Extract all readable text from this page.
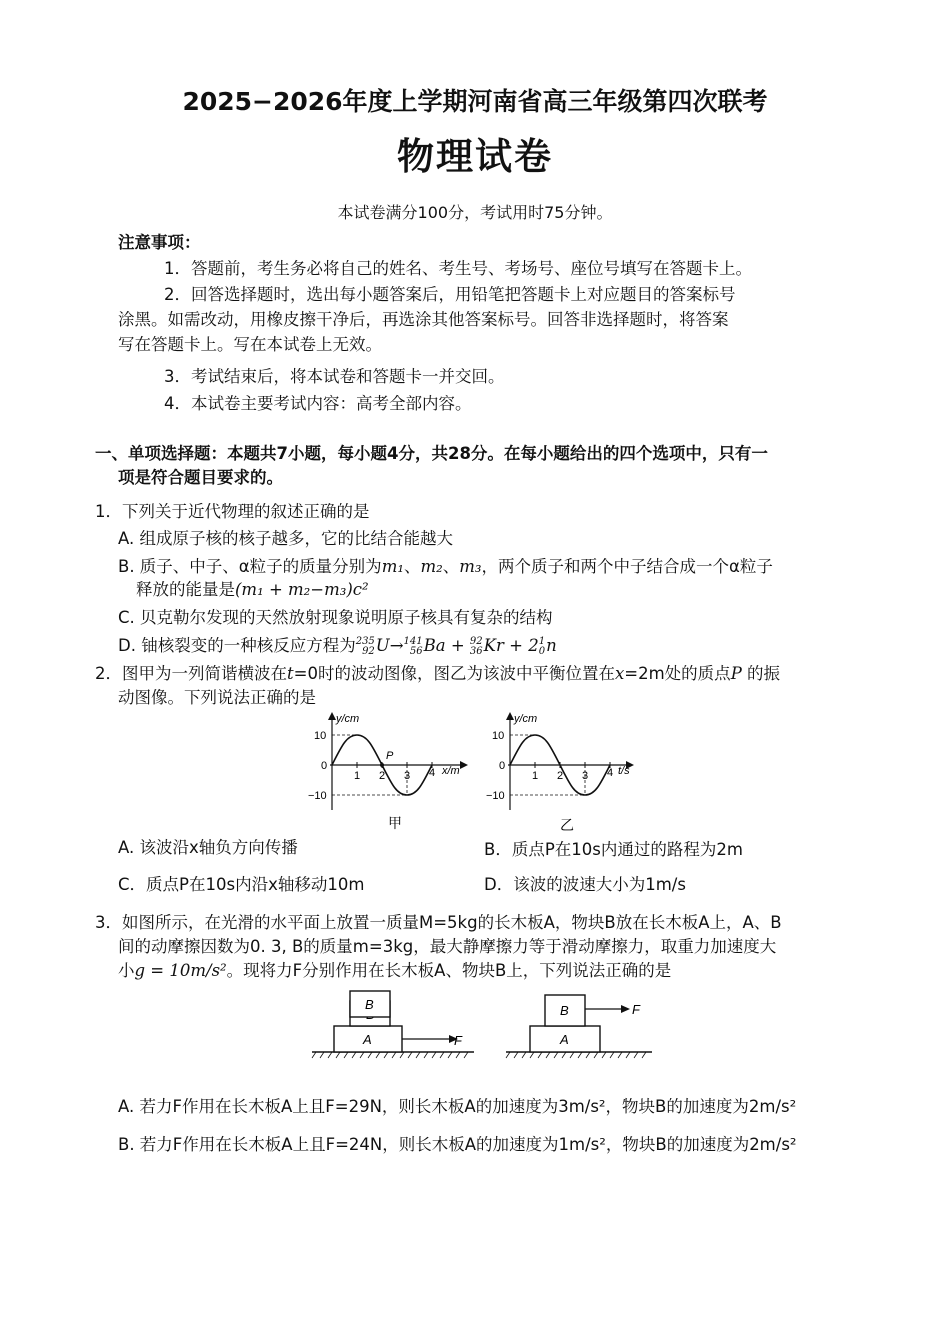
2025−2026年度上学期河南省高三年级第四次联考
物理试卷
本试卷满分100分，考试用时75分钟。
注意事项：
1．答题前，考生务必将自己的姓名、考生号、考场号、座位号填写在答题卡上。
2．回答选择题时，选出每小题答案后，用铅笔把答题卡上对应题目的答案标号
涂黑。如需改动，用橡皮擦干净后，再选涂其他答案标号。回答非选择题时，将答案
写在答题卡上。写在本试卷上无效。
3．考试结束后，将本试卷和答题卡一并交回。
4．本试卷主要考试内容：高考全部内容。
一、单项选择题：本题共7小题，每小题4分，共28分。在每小题给出的四个选项中，只有一
项是符合题目要求的。
1．下列关于近代物理的叙述正确的是
A. 组成原子核的核子越多，它的比结合能越大
B. 质子、中子、α粒子的质量分别为m₁、m₂、m₃，两个质子和两个中子结合成一个α粒子
释放的能量是(m₁ + m₂−m₃)c²
C. 贝克勒尔发现的天然放射现象说明原子核具有复杂的结构
D. 铀核裂变的一种核反应方程为235
92U→141
56Ba + 92
36Kr + 21
0n
2．图甲为一列简谐横波在t=0时的波动图像，图乙为该波中平衡位置在x=2m处的质点P 的振
动图像。下列说法正确的是
y/cm
10
0
−10
1 2 3 4
P
x/m
甲
y/cm
10
0
−10
1 2 3 4 t/s
乙
A. 该波沿x轴负方向传播	B．质点P在10s内通过的路程为2m
C．质点P在10s内沿x轴移动10m	D．该波的波速大小为1m/s
3．如图所示，在光滑的水平面上放置一质量M=5kg的长木板A，物块B放在长木板A上，A、B
间的动摩擦因数为0. 3, B的质量m=3kg，最大静摩擦力等于滑动摩擦力，取重力加速度大
小g = 10m/s²。现将力F分别作用在长木板A、物块B上，下列说法正确的是
A	F
B
A
B	F
A. 若力F作用在长木板A上且F=29N，则长木板A的加速度为3m/s²，物块B的加速度为2m/s²
B. 若力F作用在长木板A上且F=24N，则长木板A的加速度为1m/s²，物块B的加速度为2m/s²
